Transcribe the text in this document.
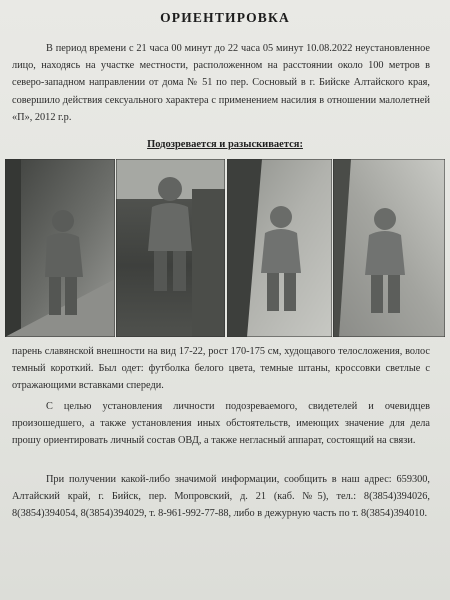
ОРИЕНТИРОВКА

В период времени с 21 часа 00 минут до 22 часа 05 минут 10.08.2022 неустановленное лицо, находясь на участке местности, расположенном на расстоянии около 100 метров в северо-западном направлении от дома № 51 по пер. Сосновый в г. Бийске Алтайского края, совершило действия сексуального характера с применением насилия в отношении малолетней «П», 2012 г.р.

Подозревается и разыскивается:

парень славянской внешности на вид 17-22, рост 170-175 см, худощавого телосложения, волос темный короткий. Был одет: футболка белого цвета, темные штаны, кроссовки светлые с отражающими вставками спереди.

С целью установления личности подозреваемого, свидетелей и очевидцев произошедшего, а также установления иных обстоятельств, имеющих значение для дела прошу ориентировать личный состав ОВД, а также негласный аппарат, состоящий на связи.

При получении какой-либо значимой информации, сообщить в наш адрес: 659300, Алтайский край, г. Бийск, пер. Мопровский, д. 21 (каб. №5), тел.: 8(3854)394026, 8(3854)394054, 8(3854)394029, т. 8-961-992-77-88, либо в дежурную часть по т. 8(3854)394010.
